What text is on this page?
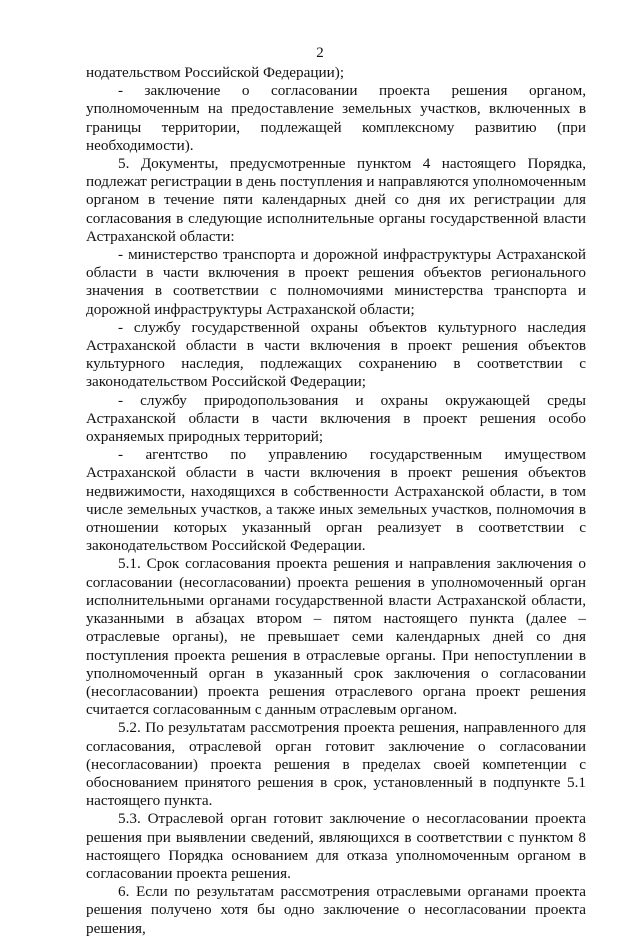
2

нодательством Российской Федерации);

- заключение о согласовании проекта решения органом, уполномоченным на предоставление земельных участков, включенных в границы территории, подлежащей комплексному развитию (при необходимости).

5. Документы, предусмотренные пунктом 4 настоящего Порядка, подлежат регистрации в день поступления и направляются уполномоченным органом в течение пяти календарных дней со дня их регистрации для согласования в следующие исполнительные органы государственной власти Астраханской области:

- министерство транспорта и дорожной инфраструктуры Астраханской области в части включения в проект решения объектов регионального значения в соответствии с полномочиями министерства транспорта и дорожной инфраструктуры Астраханской области;

- службу государственной охраны объектов культурного наследия Астраханской области в части включения в проект решения объектов культурного наследия, подлежащих сохранению в соответствии с законодательством Российской Федерации;

- службу природопользования и охраны окружающей среды Астраханской области в части включения в проект решения особо охраняемых природных территорий;

- агентство по управлению государственным имуществом Астраханской области в части включения в проект решения объектов недвижимости, находящихся в собственности Астраханской области, в том числе земельных участков, а также иных земельных участков, полномочия в отношении которых указанный орган реализует в соответствии с законодательством Российской Федерации.

5.1. Срок согласования проекта решения и направления заключения о согласовании (несогласовании) проекта решения в уполномоченный орган исполнительными органами государственной власти Астраханской области, указанными в абзацах втором – пятом настоящего пункта (далее – отраслевые органы), не превышает семи календарных дней со дня поступления проекта решения в отраслевые органы. При непоступлении в уполномоченный орган в указанный срок заключения о согласовании (несогласовании) проекта решения отраслевого органа проект решения считается согласованным с данным отраслевым органом.

5.2. По результатам рассмотрения проекта решения, направленного для согласования, отраслевой орган готовит заключение о согласовании (несогласовании) проекта решения в пределах своей компетенции с обоснованием принятого решения в срок, установленный в подпункте 5.1 настоящего пункта.

5.3. Отраслевой орган готовит заключение о несогласовании проекта решения при выявлении сведений, являющихся в соответствии с пунктом 8 настоящего Порядка основанием для отказа уполномоченным органом в согласовании проекта решения.

6. Если по результатам рассмотрения отраслевыми органами проекта решения получено хотя бы одно заключение о несогласовании проекта решения,
